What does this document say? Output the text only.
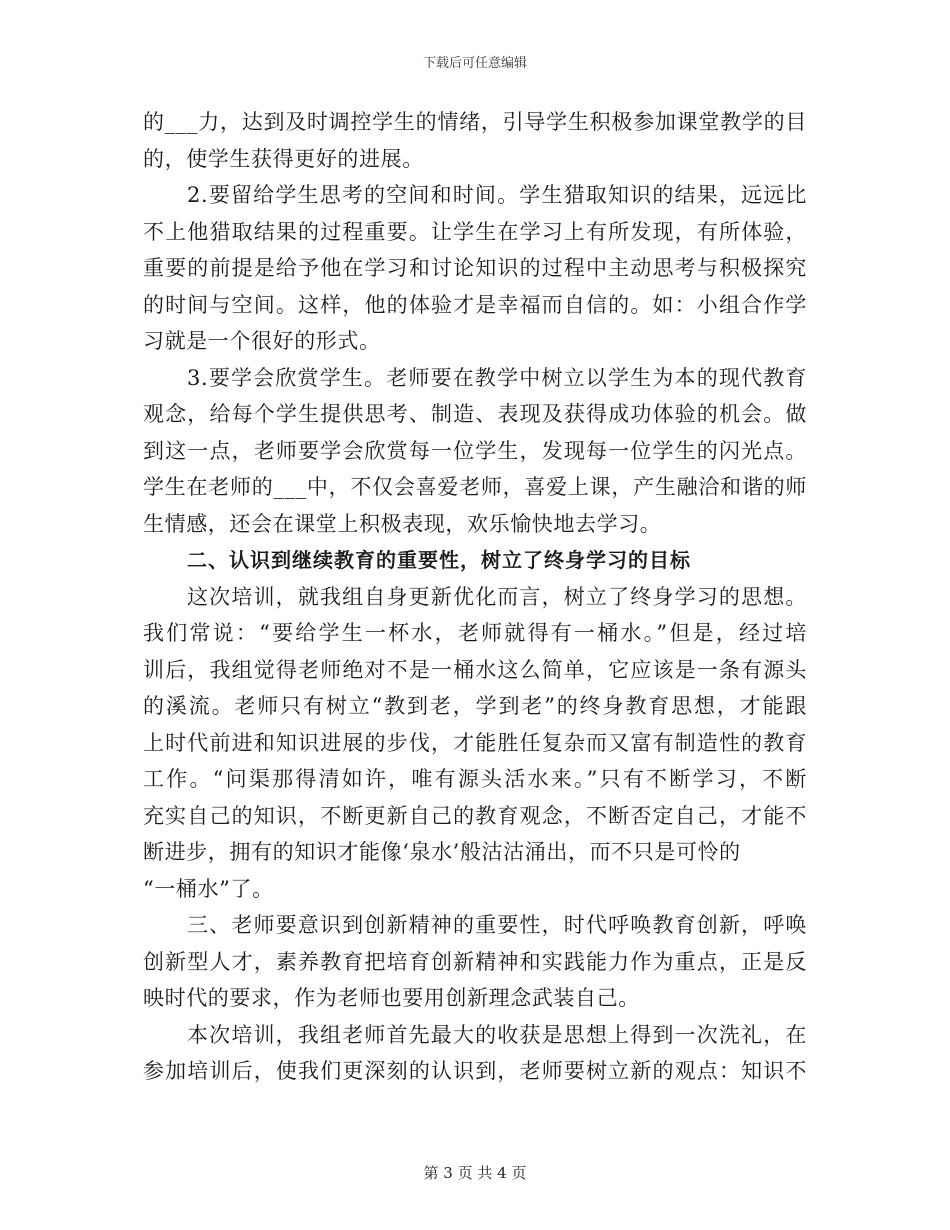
下载后可任意编辑
的___力，达到及时调控学生的情绪，引导学生积极参加课堂教学的目
的，使学生获得更好的进展。
2.要留给学生思考的空间和时间。学生猎取知识的结果，远远比
不上他猎取结果的过程重要。让学生在学习上有所发现，有所体验，
重要的前提是给予他在学习和讨论知识的过程中主动思考与积极探究
的时间与空间。这样，他的体验才是幸福而自信的。如：小组合作学
习就是一个很好的形式。
3.要学会欣赏学生。老师要在教学中树立以学生为本的现代教育
观念，给每个学生提供思考、制造、表现及获得成功体验的机会。做
到这一点，老师要学会欣赏每一位学生，发现每一位学生的闪光点。
学生在老师的___中，不仅会喜爱老师，喜爱上课，产生融洽和谐的师
生情感，还会在课堂上积极表现，欢乐愉快地去学习。
二、认识到继续教育的重要性，树立了终身学习的目标
这次培训，就我组自身更新优化而言，树立了终身学习的思想。
我们常说：“要给学生一杯水，老师就得有一桶水。”但是，经过培
训后，我组觉得老师绝对不是一桶水这么简单，它应该是一条有源头
的溪流。老师只有树立“教到老，学到老”的终身教育思想，才能跟
上时代前进和知识进展的步伐，才能胜任复杂而又富有制造性的教育
工作。“问渠那得清如许，唯有源头活水来。”只有不断学习，不断
充实自己的知识，不断更新自己的教育观念，不断否定自己，才能不
断进步，拥有的知识才能像‘泉水’般沽沽涌出，而不只是可怜的
“一桶水”了。
三、老师要意识到创新精神的重要性，时代呼唤教育创新，呼唤
创新型人才，素养教育把培育创新精神和实践能力作为重点，正是反
映时代的要求，作为老师也要用创新理念武装自己。
本次培训，我组老师首先最大的收获是思想上得到一次洗礼，在
参加培训后，使我们更深刻的认识到，老师要树立新的观点：知识不
第 3 页 共 4 页
